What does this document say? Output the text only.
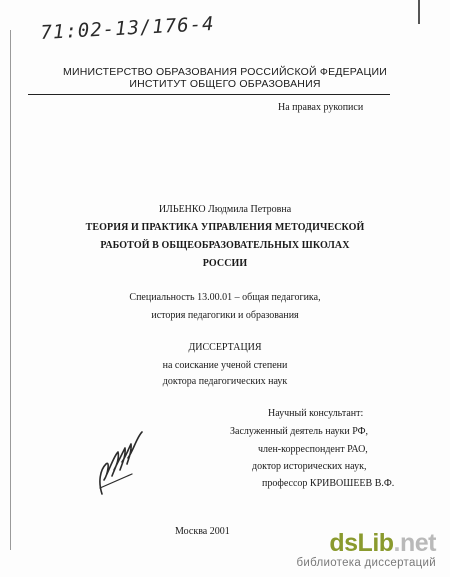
71:02-13/176-4
МИНИСТЕРСТВО ОБРАЗОВАНИЯ РОССИЙСКОЙ ФЕДЕРАЦИИ
ИНСТИТУТ ОБЩЕГО ОБРАЗОВАНИЯ
На правах рукописи
ИЛЬЕНКО Людмила Петровна
ТЕОРИЯ И ПРАКТИКА УПРАВЛЕНИЯ МЕТОДИЧЕСКОЙ
РАБОТОЙ В ОБЩЕОБРАЗОВАТЕЛЬНЫХ ШКОЛАХ
РОССИИ
Специальность 13.00.01 – общая педагогика,
история педагогики и образования
ДИССЕРТАЦИЯ
на соискание ученой степени
доктора педагогических наук
Научный консультант:
Заслуженный деятель науки РФ,
член-корреспондент РАО,
доктор исторических наук,
профессор КРИВОШЕЕВ В.Ф.
Москва 2001	dsLib.net
библиотека диссертаций
